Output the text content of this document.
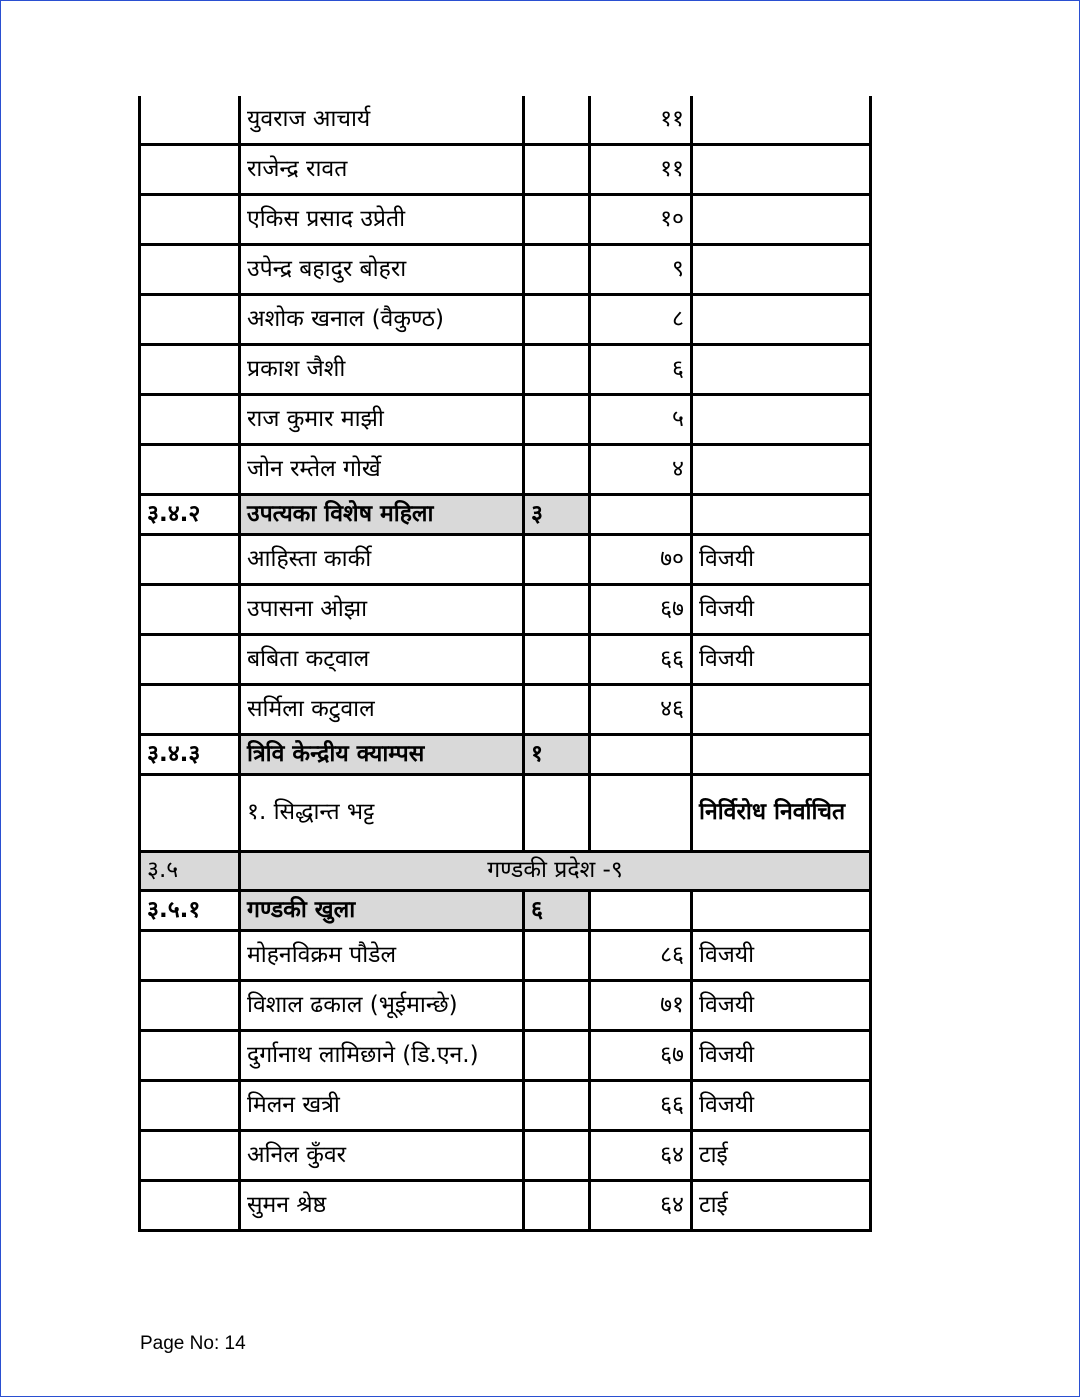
	युवराज आचार्य		११	
	राजेन्द्र रावत		११	
	एकिस प्रसाद उप्रेती		१०	
	उपेन्द्र बहादुर बोहरा		९	
	अशोक खनाल (वैकुण्ठ)		८	
	प्रकाश जैशी		६	
	राज कुमार माझी		५	
	जोन रम्तेल गोर्खे		४	
३.४.२	उपत्यका विशेष महिला	३		
	आहिस्ता कार्की		७०	विजयी
	उपासना ओझा		६७	विजयी
	बबिता कट्वाल		६६	विजयी
	सर्मिला कटुवाल		४६	
३.४.३	त्रिवि केन्द्रीय क्याम्पस	१		
	१. सिद्धान्त भट्ट			निर्विरोध निर्वाचित
३.५	गण्डकी प्रदेश -९			
३.५.१	गण्डकी खुला	६		
	मोहनविक्रम पौडेल		८६	विजयी
	विशाल ढकाल (भूईमान्छे)		७१	विजयी
	दुर्गानाथ लामिछाने (डि.एन.)		६७	विजयी
	मिलन खत्री		६६	विजयी
	अनिल कुँवर		६४	टाई
	सुमन श्रेष्ठ		६४	टाई
Page No: 14
